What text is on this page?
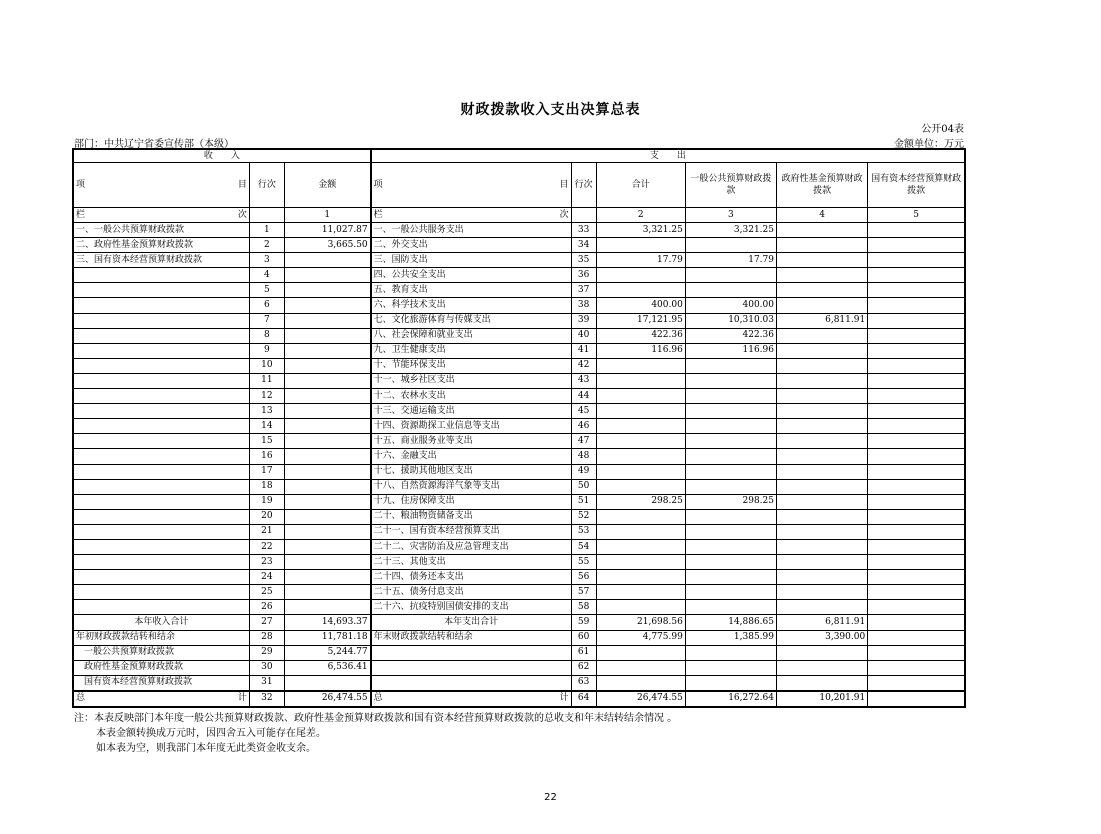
财政拨款收入支出决算总表
公开04表
部门：中共辽宁省委宣传部（本级）	金额单位：万元
收　　入			支　　出					

项 目	行次	金额	项 目	行次	合计	一般公共预算财政拨款	政府性基金预算财政拨款	国有资本经营预算财政拨款

栏 次		1	栏 次		2	3	4	5
一、一般公共预算财政拨款	1	11,027.87	一、一般公共服务支出	33	3,321.25	3,321.25		
二、政府性基金预算财政拨款	2	3,665.50	二、外交支出	34				
三、国有资本经营预算财政拨款	3		三、国防支出	35	17.79	17.79		
	4		四、公共安全支出	36				
	5		五、教育支出	37				
	6		六、科学技术支出	38	400.00	400.00		
	7		七、文化旅游体育与传媒支出	39	17,121.95	10,310.03	6,811.91	
	8		八、社会保障和就业支出	40	422.36	422.36		
	9		九、卫生健康支出	41	116.96	116.96		
	10		十、节能环保支出	42				
	11		十一、城乡社区支出	43				
	12		十二、农林水支出	44				
	13		十三、交通运输支出	45				
	14		十四、资源勘探工业信息等支出	46				
	15		十五、商业服务业等支出	47				
	16		十六、金融支出	48				
	17		十七、援助其他地区支出	49				
	18		十八、自然资源海洋气象等支出	50				
	19		十九、住房保障支出	51	298.25	298.25		
	20		二十、粮油物资储备支出	52				
	21		二十一、国有资本经营预算支出	53				
	22		二十二、灾害防治及应急管理支出	54				
	23		二十三、其他支出	55				
	24		二十四、债务还本支出	56				
	25		二十五、债务付息支出	57				
	26		二十六、抗疫特别国债安排的支出	58				
本年收入合计	27	14,693.37	本年支出合计	59	21,698.56	14,886.65	6,811.91	
年初财政拨款结转和结余	28	11,781.18	年末财政拨款结转和结余	60	4,775.99	1,385.99	3,390.00	
一般公共预算财政拨款	29	5,244.77		61				
政府性基金预算财政拨款	30	6,536.41		62				
国有资本经营预算财政拨款	31			63				

总 计	32	26,474.55	总 计	64	26,474.55	16,272.64	10,201.91	
注：本表反映部门本年度一般公共预算财政拨款、政府性基金预算财政拨款和国有资本经营预算财政拨款的总收支和年末结转结余情况 。
本表金额转换成万元时，因四舍五入可能存在尾差。
如本表为空，则我部门本年度无此类资金收支余。
22
